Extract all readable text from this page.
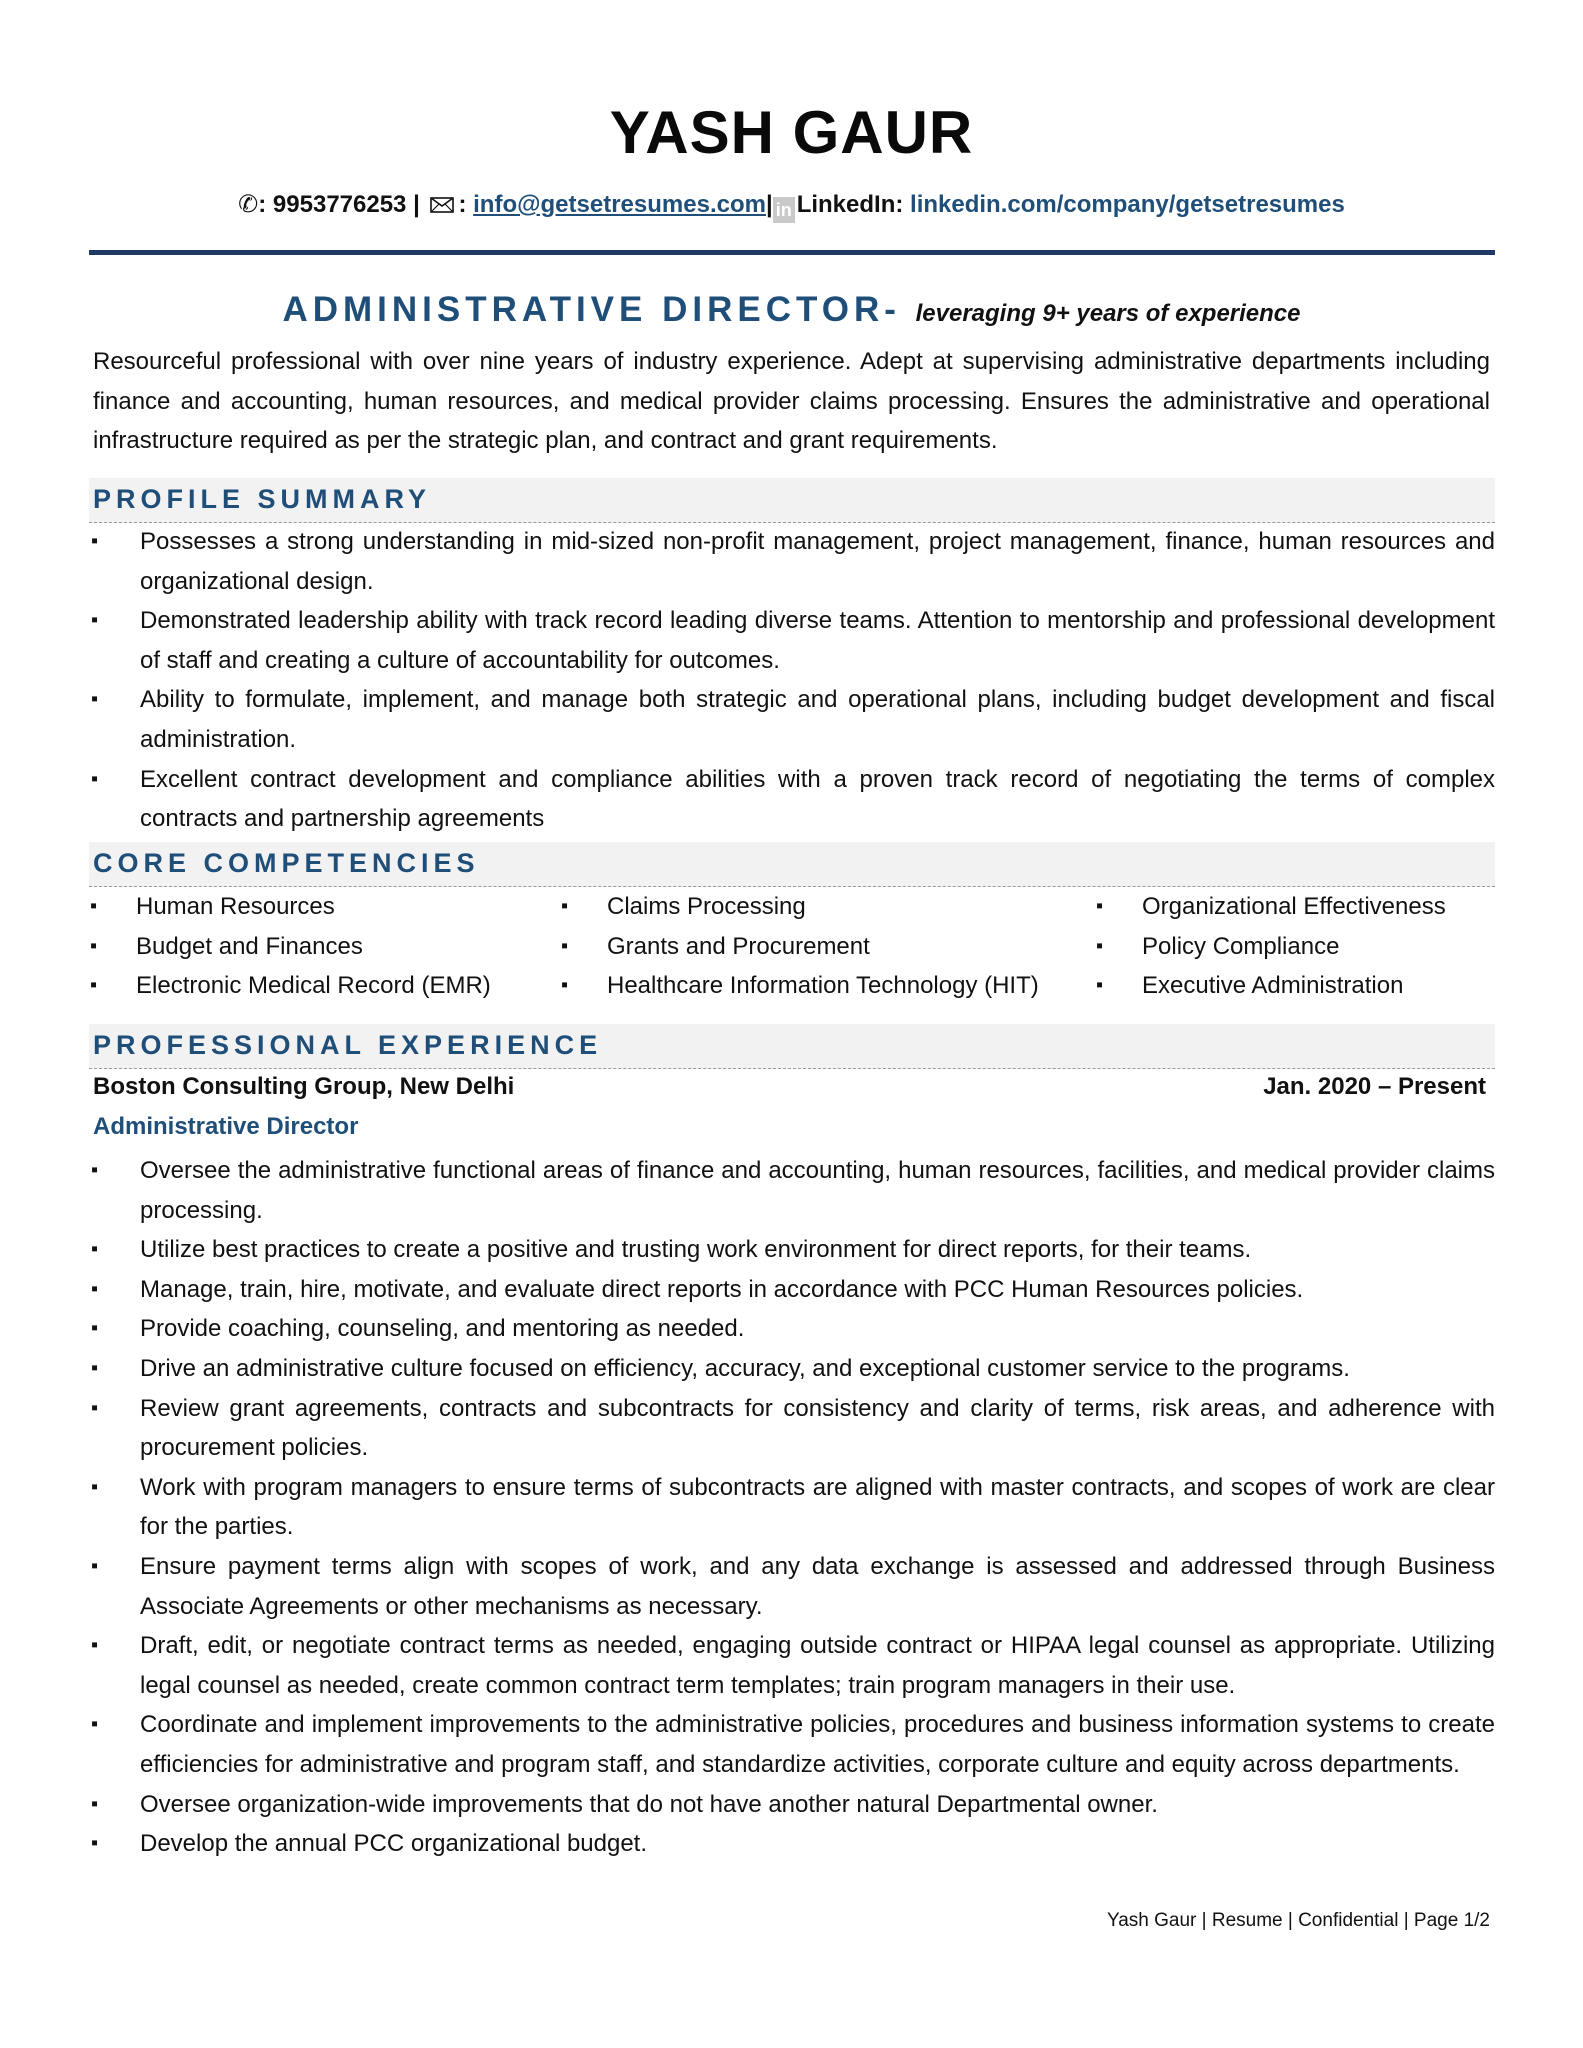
YASH GAUR
✆: 9953776253 | : info@getsetresumes.com| in LinkedIn: linkedin.com/company/getsetresumes
ADMINISTRATIVE DIRECTOR- leveraging 9+ years of experience
Resourceful professional with over nine years of industry experience. Adept at supervising administrative departments including finance and accounting, human resources, and medical provider claims processing. Ensures the administrative and operational infrastructure required as per the strategic plan, and contract and grant requirements.
PROFILE SUMMARY
▪ Possesses a strong understanding in mid-sized non-profit management, project management, finance, human resources and organizational design.
▪ Demonstrated leadership ability with track record leading diverse teams. Attention to mentorship and professional development of staff and creating a culture of accountability for outcomes.
▪ Ability to formulate, implement, and manage both strategic and operational plans, including budget development and fiscal administration.
▪ Excellent contract development and compliance abilities with a proven track record of negotiating the terms of complex contracts and partnership agreements
CORE COMPETENCIES
▪ Human Resources
▪ Budget and Finances
▪ Electronic Medical Record (EMR)
▪ Claims Processing
▪ Grants and Procurement
▪ Healthcare Information Technology (HIT)
▪ Organizational Effectiveness
▪ Policy Compliance
▪ Executive Administration
PROFESSIONAL EXPERIENCE
Boston Consulting Group, New Delhi	Jan. 2020 – Present
Administrative Director
▪ Oversee the administrative functional areas of finance and accounting, human resources, facilities, and medical provider claims processing.
▪ Utilize best practices to create a positive and trusting work environment for direct reports, for their teams.
▪ Manage, train, hire, motivate, and evaluate direct reports in accordance with PCC Human Resources policies.
▪ Provide coaching, counseling, and mentoring as needed.
▪ Drive an administrative culture focused on efficiency, accuracy, and exceptional customer service to the programs.
▪ Review grant agreements, contracts and subcontracts for consistency and clarity of terms, risk areas, and adherence with procurement policies.
▪ Work with program managers to ensure terms of subcontracts are aligned with master contracts, and scopes of work are clear for the parties.
▪ Ensure payment terms align with scopes of work, and any data exchange is assessed and addressed through Business Associate Agreements or other mechanisms as necessary.
▪ Draft, edit, or negotiate contract terms as needed, engaging outside contract or HIPAA legal counsel as appropriate. Utilizing legal counsel as needed, create common contract term templates; train program managers in their use.
▪ Coordinate and implement improvements to the administrative policies, procedures and business information systems to create efficiencies for administrative and program staff, and standardize activities, corporate culture and equity across departments.
▪ Oversee organization-wide improvements that do not have another natural Departmental owner.
▪ Develop the annual PCC organizational budget.
Yash Gaur | Resume | Confidential | Page 1/2
